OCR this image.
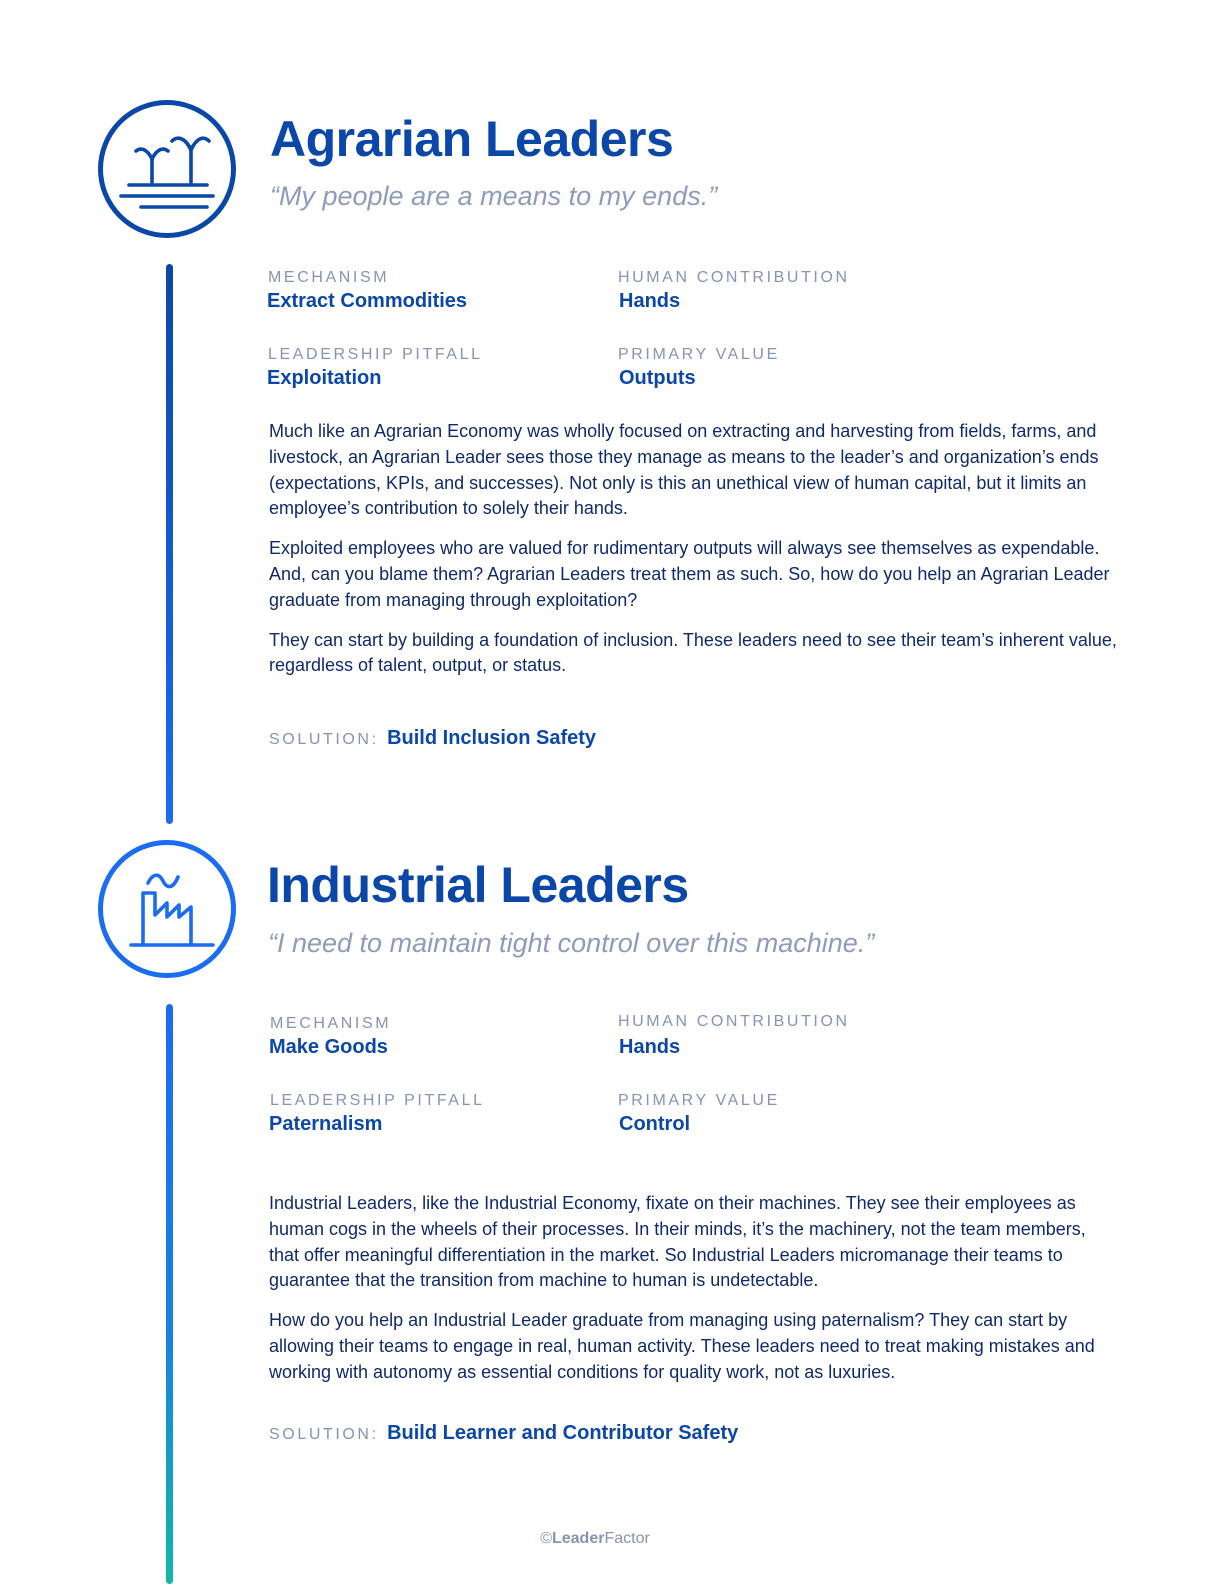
Agrarian Leaders
“My people are a means to my ends.”
MECHANISM
Extract Commodities
HUMAN CONTRIBUTION
Hands
LEADERSHIP PITFALL
Exploitation
PRIMARY VALUE
Outputs

Much like an Agrarian Economy was wholly focused on extracting and harvesting from fields, farms, and livestock, an Agrarian Leader sees those they manage as means to the leader’s and organization’s ends (expectations, KPIs, and successes). Not only is this an unethical view of human capital, but it limits an employee’s contribution to solely their hands.

Exploited employees who are valued for rudimentary outputs will always see themselves as expendable. And, can you blame them? Agrarian Leaders treat them as such. So, how do you help an Agrarian Leader graduate from managing through exploitation?

They can start by building a foundation of inclusion. These leaders need to see their team’s inherent value, regardless of talent, output, or status.

SOLUTION: Build Inclusion Safety
Industrial Leaders
“I need to maintain tight control over this machine.”
MECHANISM
Make Goods
HUMAN CONTRIBUTION
Hands
LEADERSHIP PITFALL
Paternalism
PRIMARY VALUE
Control

Industrial Leaders, like the Industrial Economy, fixate on their machines. They see their employees as human cogs in the wheels of their processes. In their minds, it’s the machinery, not the team members, that offer meaningful differentiation in the market. So Industrial Leaders micromanage their teams to guarantee that the transition from machine to human is undetectable.

How do you help an Industrial Leader graduate from managing using paternalism? They can start by allowing their teams to engage in real, human activity. These leaders need to treat making mistakes and working with autonomy as essential conditions for quality work, not as luxuries.

SOLUTION: Build Learner and Contributor Safety
©LeaderFactor
